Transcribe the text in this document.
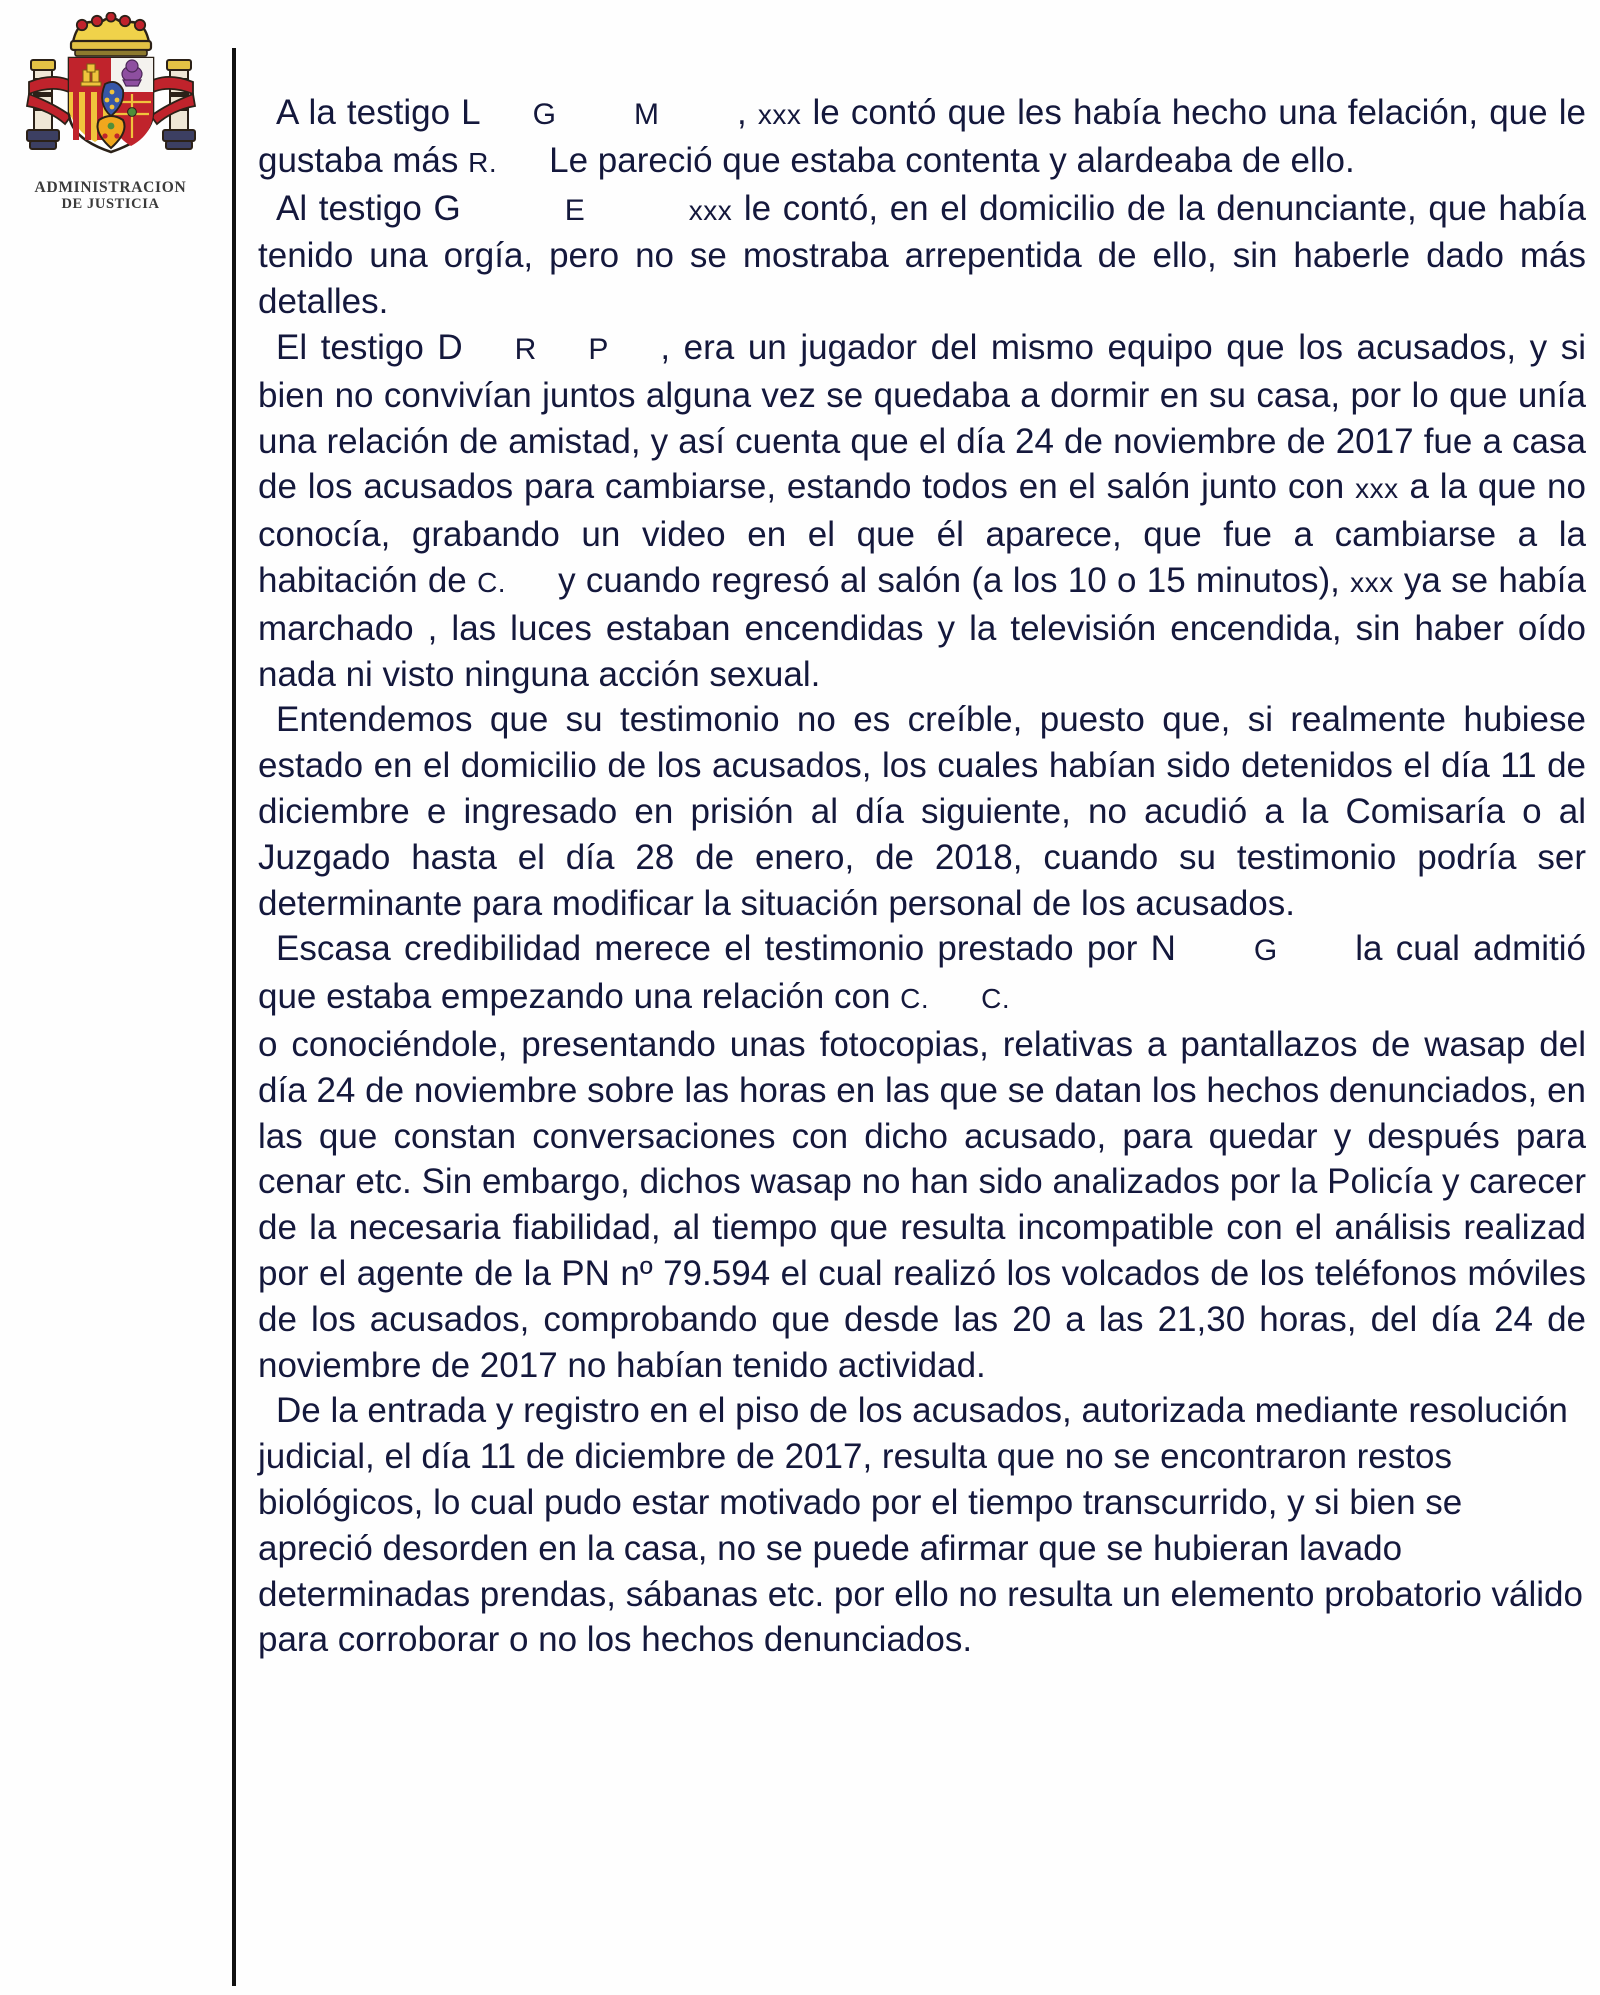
ADMINISTRACION
DE JUSTICIA

A la testigo L G	M , xxx le contó que les había hecho una felación, que le gustaba más R. Le pareció que estaba contenta y alardeaba de ello.

Al testigo G	E	xxx le contó, en el domicilio de la denunciante, que había tenido una orgía, pero no se mostraba arrepentida de ello, sin haberle dado más detalles.

El testigo D R P , era un jugador del mismo equipo que los acusados, y si bien no convivían juntos alguna vez se quedaba a dormir en su casa, por lo que unía una relación de amistad, y así cuenta que el día 24 de noviembre de 2017 fue a casa de los acusados para cambiarse, estando todos en el salón junto con xxx a la que no conocía, grabando un video en el que él aparece, que fue a cambiarse a la habitación de C. y cuando regresó al salón (a los 10 o 15 minutos), xxx ya se había marchado , las luces estaban encendidas y la televisión encendida, sin haber oído nada ni visto ninguna acción sexual.

Entendemos que su testimonio no es creíble, puesto que, si realmente hubiese estado en el domicilio de los acusados, los cuales habían sido detenidos el día 11 de diciembre e ingresado en prisión al día siguiente, no acudió a la Comisaría o al Juzgado hasta el día 28 de enero, de 2018, cuando su testimonio podría ser determinante para modificar la situación personal de los acusados.

Escasa credibilidad merece el testimonio prestado por N	G la cual admitió que estaba empezando una relación con C. C.

o conociéndole, presentando unas fotocopias, relativas a pantallazos de wasap del día 24 de noviembre sobre las horas en las que se datan los hechos denunciados, en las que constan conversaciones con dicho acusado, para quedar y después para cenar etc. Sin embargo, dichos wasap no han sido analizados por la Policía y carecer de la necesaria fiabilidad, al tiempo que resulta incompatible con el análisis realizad por el agente de la PN nº 79.594 el cual realizó los volcados de los teléfonos móviles de los acusados, comprobando que desde las 20 a las 21,30 horas, del día 24 de noviembre de 2017 no habían tenido actividad.

De la entrada y registro en el piso de los acusados, autorizada mediante resolución judicial, el día 11 de diciembre de 2017, resulta que no se encontraron restos biológicos, lo cual pudo estar motivado por el tiempo transcurrido, y si bien se apreció desorden en la casa, no se puede afirmar que se hubieran lavado determinadas prendas, sábanas etc. por ello no resulta un elemento probatorio válido para corroborar o no los hechos denunciados.
